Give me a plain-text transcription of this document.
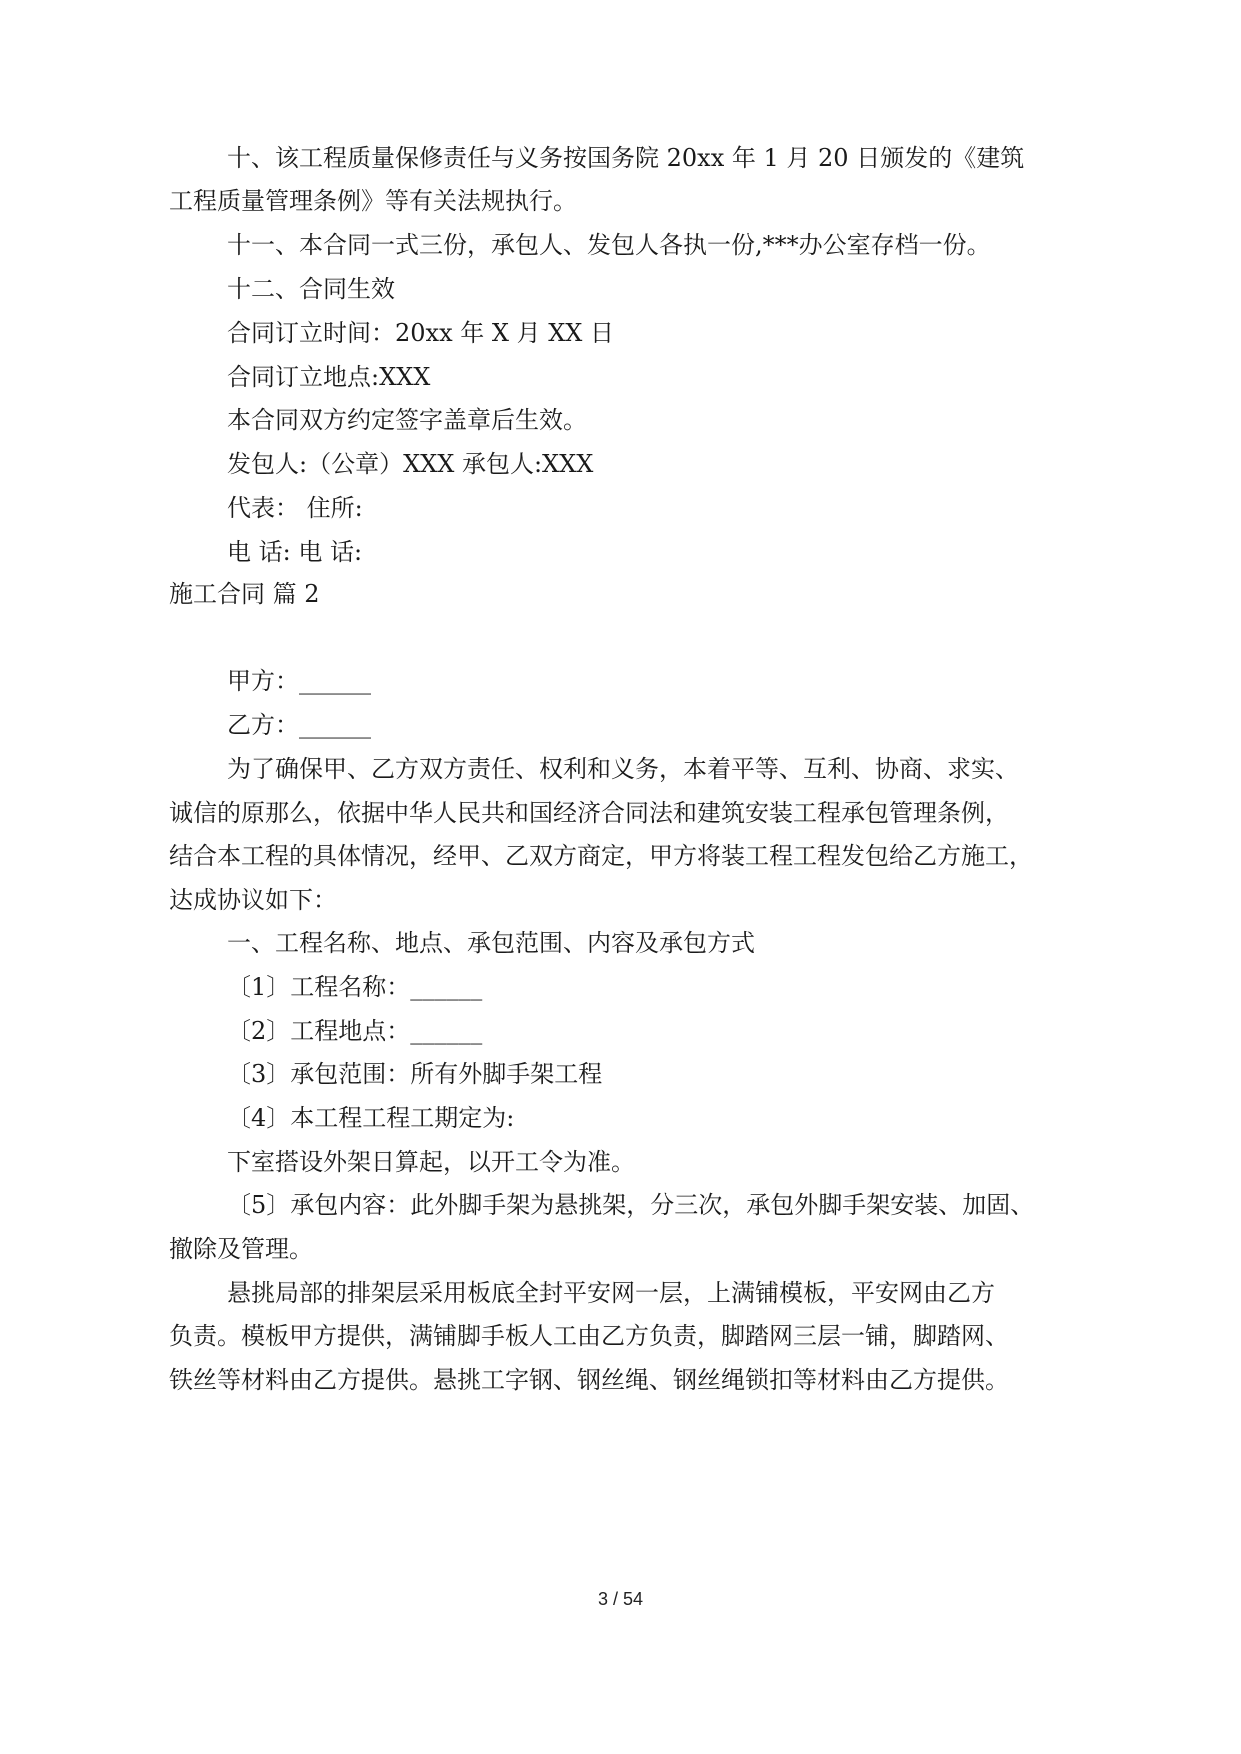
十、该工程质量保修责任与义务按国务院 20xx 年 1 月 20 日颁发的《建筑
工程质量管理条例》等有关法规执行。
十一、本合同一式三份，承包人、发包人各执一份,***办公室存档一份。
十二、合同生效
合同订立时间：20xx 年 X 月 XX 日
合同订立地点:XXX
本合同双方约定签字盖章后生效。
发包人:（公章）XXX 承包人:XXX
代表： 住所:
电 话: 电 话:
施工合同 篇 2
甲方：______
乙方：______
为了确保甲、乙方双方责任、权利和义务，本着平等、互利、协商、求实、
诚信的原那么，依据中华人民共和国经济合同法和建筑安装工程承包管理条例，
结合本工程的具体情况，经甲、乙双方商定，甲方将装工程工程发包给乙方施工，
达成协议如下：
一、工程名称、地点、承包范围、内容及承包方式
〔1〕工程名称：______
〔2〕工程地点：______
〔3〕承包范围：所有外脚手架工程
〔4〕本工程工程工期定为:
下室搭设外架日算起，以开工令为准。
〔5〕承包内容：此外脚手架为悬挑架，分三次，承包外脚手架安装、加固、
撤除及管理。
悬挑局部的排架层采用板底全封平安网一层，上满铺模板，平安网由乙方
负责。模板甲方提供，满铺脚手板人工由乙方负责，脚踏网三层一铺，脚踏网、
铁丝等材料由乙方提供。悬挑工字钢、钢丝绳、钢丝绳锁扣等材料由乙方提供。
3 / 54
